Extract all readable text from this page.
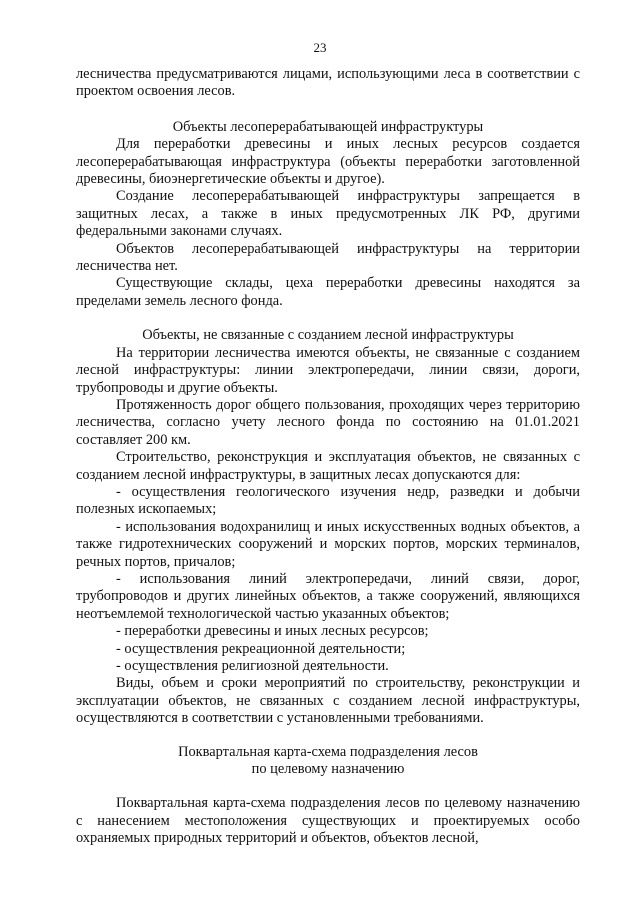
23

лесничества предусматриваются лицами, использующими леса в соответствии с проектом освоения лесов.

Объекты лесоперерабатывающей инфраструктуры

Для переработки древесины и иных лесных ресурсов создается лесоперерабатывающая инфраструктура (объекты переработки заготовленной древесины, биоэнергетические объекты и другое).

Создание лесоперерабатывающей инфраструктуры запрещается в защитных лесах, а также в иных предусмотренных ЛК РФ, другими федеральными законами случаях.

Объектов лесоперерабатывающей инфраструктуры на территории лесничества нет.

Существующие склады, цеха переработки древесины находятся за пределами земель лесного фонда.

Объекты, не связанные с созданием лесной инфраструктуры

На территории лесничества имеются объекты, не связанные с созданием лесной инфраструктуры: линии электропередачи, линии связи, дороги, трубопроводы и другие объекты.

Протяженность дорог общего пользования, проходящих через территорию лесничества, согласно учету лесного фонда по состоянию на 01.01.2021 составляет 200 км.

Строительство, реконструкция и эксплуатация объектов, не связанных с созданием лесной инфраструктуры, в защитных лесах допускаются для:

- осуществления геологического изучения недр, разведки и добычи полезных ископаемых;

- использования водохранилищ и иных искусственных водных объектов, а также гидротехнических сооружений и морских портов, морских терминалов, речных портов, причалов;

- использования линий электропередачи, линий связи, дорог, трубопроводов и других линейных объектов, а также сооружений, являющихся неотъемлемой технологической частью указанных объектов;

- переработки древесины и иных лесных ресурсов;

- осуществления рекреационной деятельности;

- осуществления религиозной деятельности.

Виды, объем и сроки мероприятий по строительству, реконструкции и эксплуатации объектов, не связанных с созданием лесной инфраструктуры, осуществляются в соответствии с установленными требованиями.

Поквартальная карта-схема подразделения лесов

по целевому назначению

Поквартальная карта-схема подразделения лесов по целевому назначению с нанесением местоположения существующих и проектируемых особо охраняемых природных территорий и объектов, объектов лесной,
